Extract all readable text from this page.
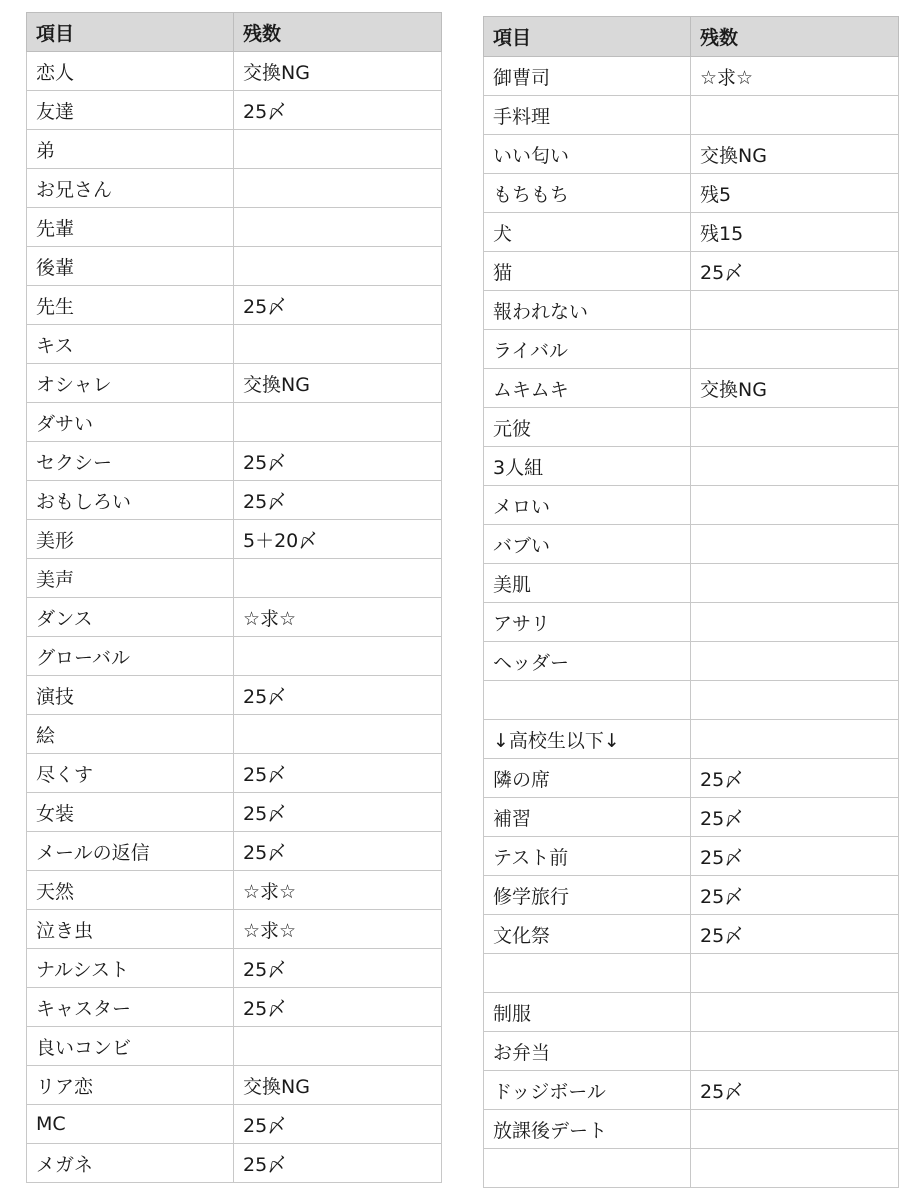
項目	残数
恋人	交換NG
友達	25〆
弟	
お兄さん	
先輩	
後輩	
先生	25〆
キス	
オシャレ	交換NG
ダサい	
セクシー	25〆
おもしろい	25〆
美形	5＋20〆
美声	
ダンス	☆求☆
グローバル	
演技	25〆
絵	
尽くす	25〆
女装	25〆
メールの返信	25〆
天然	☆求☆
泣き虫	☆求☆
ナルシスト	25〆
キャスター	25〆
良いコンビ	
リア恋	交換NG
MC	25〆
メガネ	25〆
項目	残数
御曹司	☆求☆
手料理	
いい匂い	交換NG
もちもち	残5
犬	残15
猫	25〆
報われない	
ライバル	
ムキムキ	交換NG
元彼	
3人組	
メロい	
バブい	
美肌	
アサリ	
ヘッダー	

↓高校生以下↓	
隣の席	25〆
補習	25〆
テスト前	25〆
修学旅行	25〆
文化祭	25〆

制服	
お弁当	
ドッジボール	25〆
放課後デート	
